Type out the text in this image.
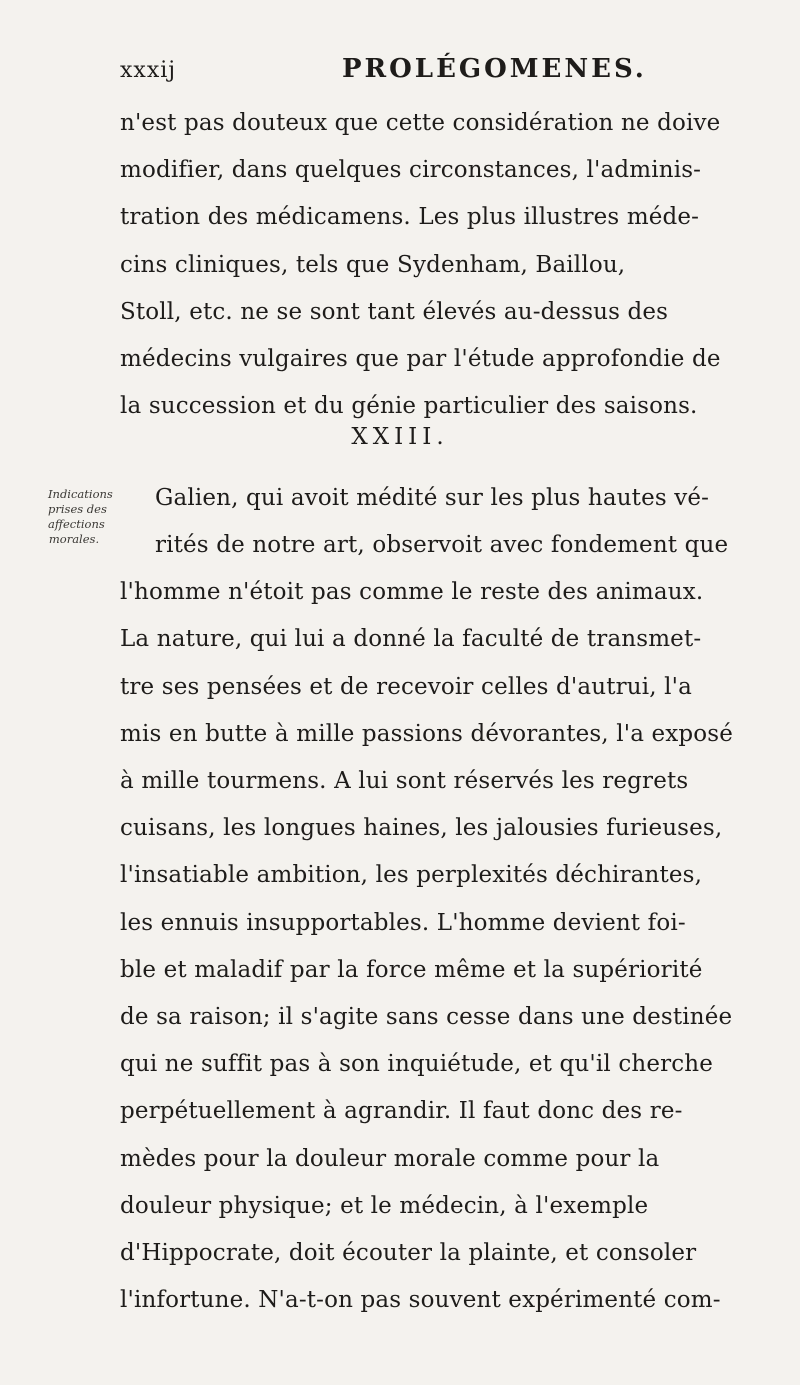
xxxij	PROLÉGOMENES.
n'est pas douteux que cette considération ne doive
modifier, dans quelques circonstances, l'adminis-
tration des médicamens. Les plus illustres méde-
cins cliniques, tels que Sydenham, Baillou,
Stoll, etc. ne se sont tant élevés au-dessus des
médecins vulgaires que par l'étude approfondie de
la succession et du génie particulier des saisons.
XXIII.
Indications
prises des
affections
morales.
Galien, qui avoit médité sur les plus hautes vé-
rités de notre art, observoit avec fondement que
l'homme n'étoit pas comme le reste des animaux.
La nature, qui lui a donné la faculté de transmet-
tre ses pensées et de recevoir celles d'autrui, l'a
mis en butte à mille passions dévorantes, l'a exposé
à mille tourmens. A lui sont réservés les regrets
cuisans, les longues haines, les jalousies furieuses,
l'insatiable ambition, les perplexités déchirantes,
les ennuis insupportables. L'homme devient foi-
ble et maladif par la force même et la supériorité
de sa raison; il s'agite sans cesse dans une destinée
qui ne suffit pas à son inquiétude, et qu'il cherche
perpétuellement à agrandir. Il faut donc des re-
mèdes pour la douleur morale comme pour la
douleur physique; et le médecin, à l'exemple
d'Hippocrate, doit écouter la plainte, et consoler
l'infortune. N'a-t-on pas souvent expérimenté com-
